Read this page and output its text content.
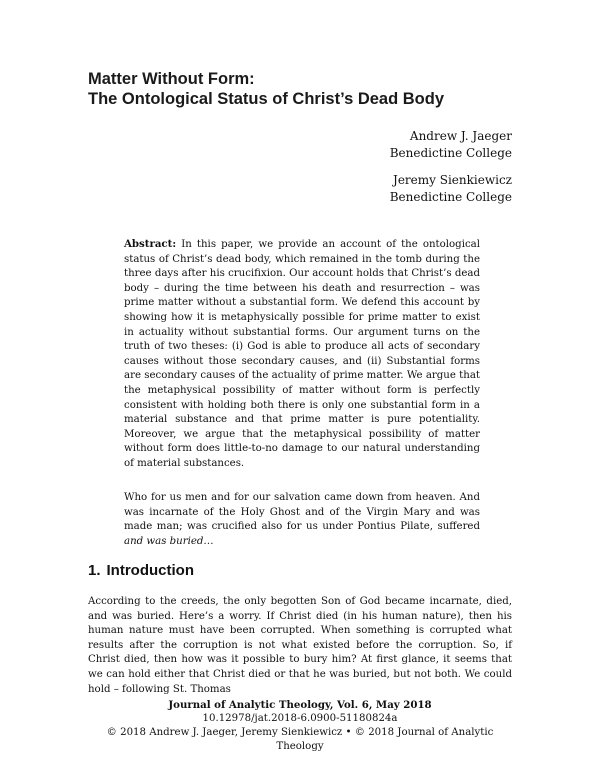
Matter Without Form:
The Ontological Status of Christ’s Dead Body
Andrew J. Jaeger
Benedictine College
Jeremy Sienkiewicz
Benedictine College
Abstract: In this paper, we provide an account of the ontological status of Christ’s dead body, which remained in the tomb during the three days after his crucifixion. Our account holds that Christ’s dead body – during the time between his death and resurrection – was prime matter without a substantial form. We defend this account by showing how it is metaphysically possible for prime matter to exist in actuality without substantial forms. Our argument turns on the truth of two theses: (i) God is able to produce all acts of secondary causes without those secondary causes, and (ii) Substantial forms are secondary causes of the actuality of prime matter. We argue that the metaphysical possibility of matter without form is perfectly consistent with holding both there is only one substantial form in a material substance and that prime matter is pure potentiality. Moreover, we argue that the metaphysical possibility of matter without form does little-to-no damage to our natural understanding of material substances.
Who for us men and for our salvation came down from heaven. And was incarnate of the Holy Ghost and of the Virgin Mary and was made man; was crucified also for us under Pontius Pilate, suffered and was buried…
1. Introduction
According to the creeds, the only begotten Son of God became incarnate, died, and was buried. Here’s a worry. If Christ died (in his human nature), then his human nature must have been corrupted. When something is corrupted what results after the corruption is not what existed before the corruption. So, if Christ died, then how was it possible to bury him? At first glance, it seems that we can hold either that Christ died or that he was buried, but not both. We could hold – following St. Thomas
Journal of Analytic Theology, Vol. 6, May 2018
10.12978/jat.2018-6.0900-51180824a
© 2018 Andrew J. Jaeger, Jeremy Sienkiewicz • © 2018 Journal of Analytic Theology
